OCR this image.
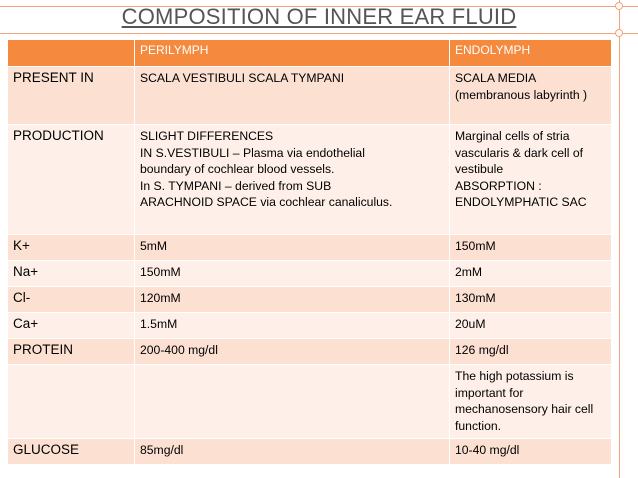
COMPOSITION OF INNER EAR FLUID
	PERILYMPH	ENDOLYMPH
PRESENT IN	SCALA VESTIBULI SCALA TYMPANI	SCALA MEDIA
(membranous labyrinth )
PRODUCTION	SLIGHT DIFFERENCES
IN S.VESTIBULI – Plasma via endothelial
boundary of cochlear blood vessels.
In S. TYMPANI – derived from SUB
ARACHNOID SPACE via cochlear canaliculus.	Marginal cells of stria
vascularis & dark cell of
vestibule
ABSORPTION :
ENDOLYMPHATIC SAC
K+	5mM	150mM
Na+	150mM	2mM
Cl-	120mM	130mM
Ca+	1.5mM	20uM
PROTEIN	200-400 mg/dl	126 mg/dl
		The high potassium is
important for
mechanosensory hair cell
function.
GLUCOSE	85mg/dl	10-40 mg/dl
